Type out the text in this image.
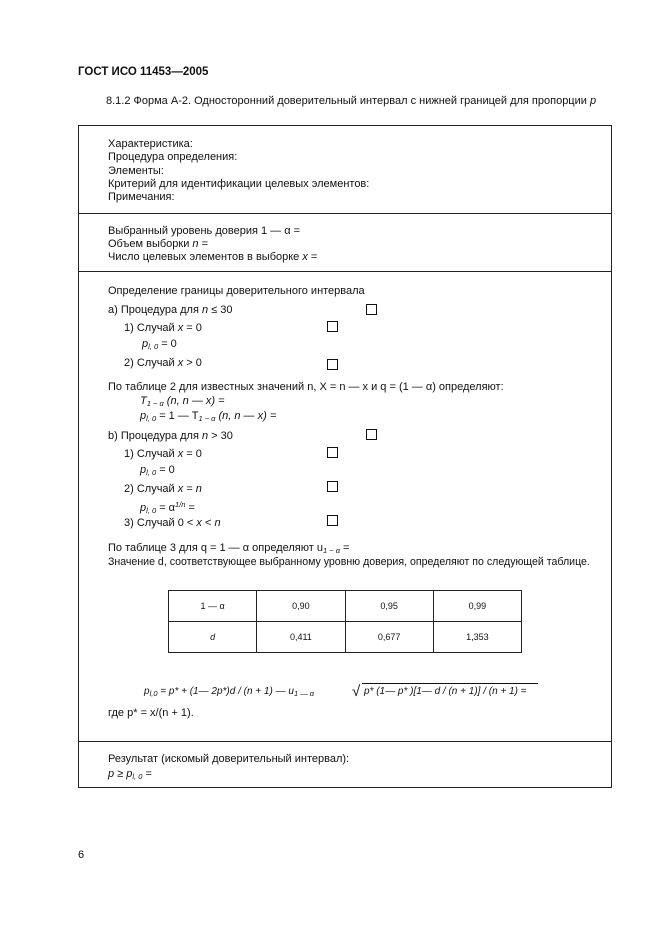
ГОСТ ИСО 11453—2005
8.1.2 Форма А-2. Односторонний доверительный интервал с нижней границей для пропорции p
Характеристика:
Процедура определения:
Элементы:
Критерий для идентификации целевых элементов:
Примечания:
Выбранный уровень доверия 1 — α =
Объем выборки n =
Число целевых элементов в выборке x =
Определение границы доверительного интервала
a) Процедура для n ≤ 30
1) Случай x = 0
$p_{l, 0} = 0$
2) Случай x > 0
По таблице 2 для известных значений n, X = n — x и q = (1 — α) определяют:
$T_{1 - \alpha}$ (n, n — x) =
$p_{l, 0} = 1$ — $T_{1 - \alpha}$ (n, n — x) =
b) Процедура для n > 30
1) Случай x = 0
$p_{l, 0} = 0$
2) Случай x = n
$p_{l, 0} = \alpha^{1/n}$ =
3) Случай 0 < x < n
По таблице 3 для q = 1 — α определяют $u_{1 - \alpha}$ =
Значение d, соответствующее выбранному уровню доверия, определяют по следующей таблице.
1 — α	0,90	0,95	0,99
d	0,411	0,677	1,353
$p_{l,0} = p*$ + (1— 2p*)d / (n + 1) — $u_{1 — \alpha}$	√ p* (1— p* )[1— d / (n + 1)] / (n + 1) =
где p* = x/(n + 1).
Результат (искомый доверительный интервал):
$p \ge p_{l, 0}$ =
6
